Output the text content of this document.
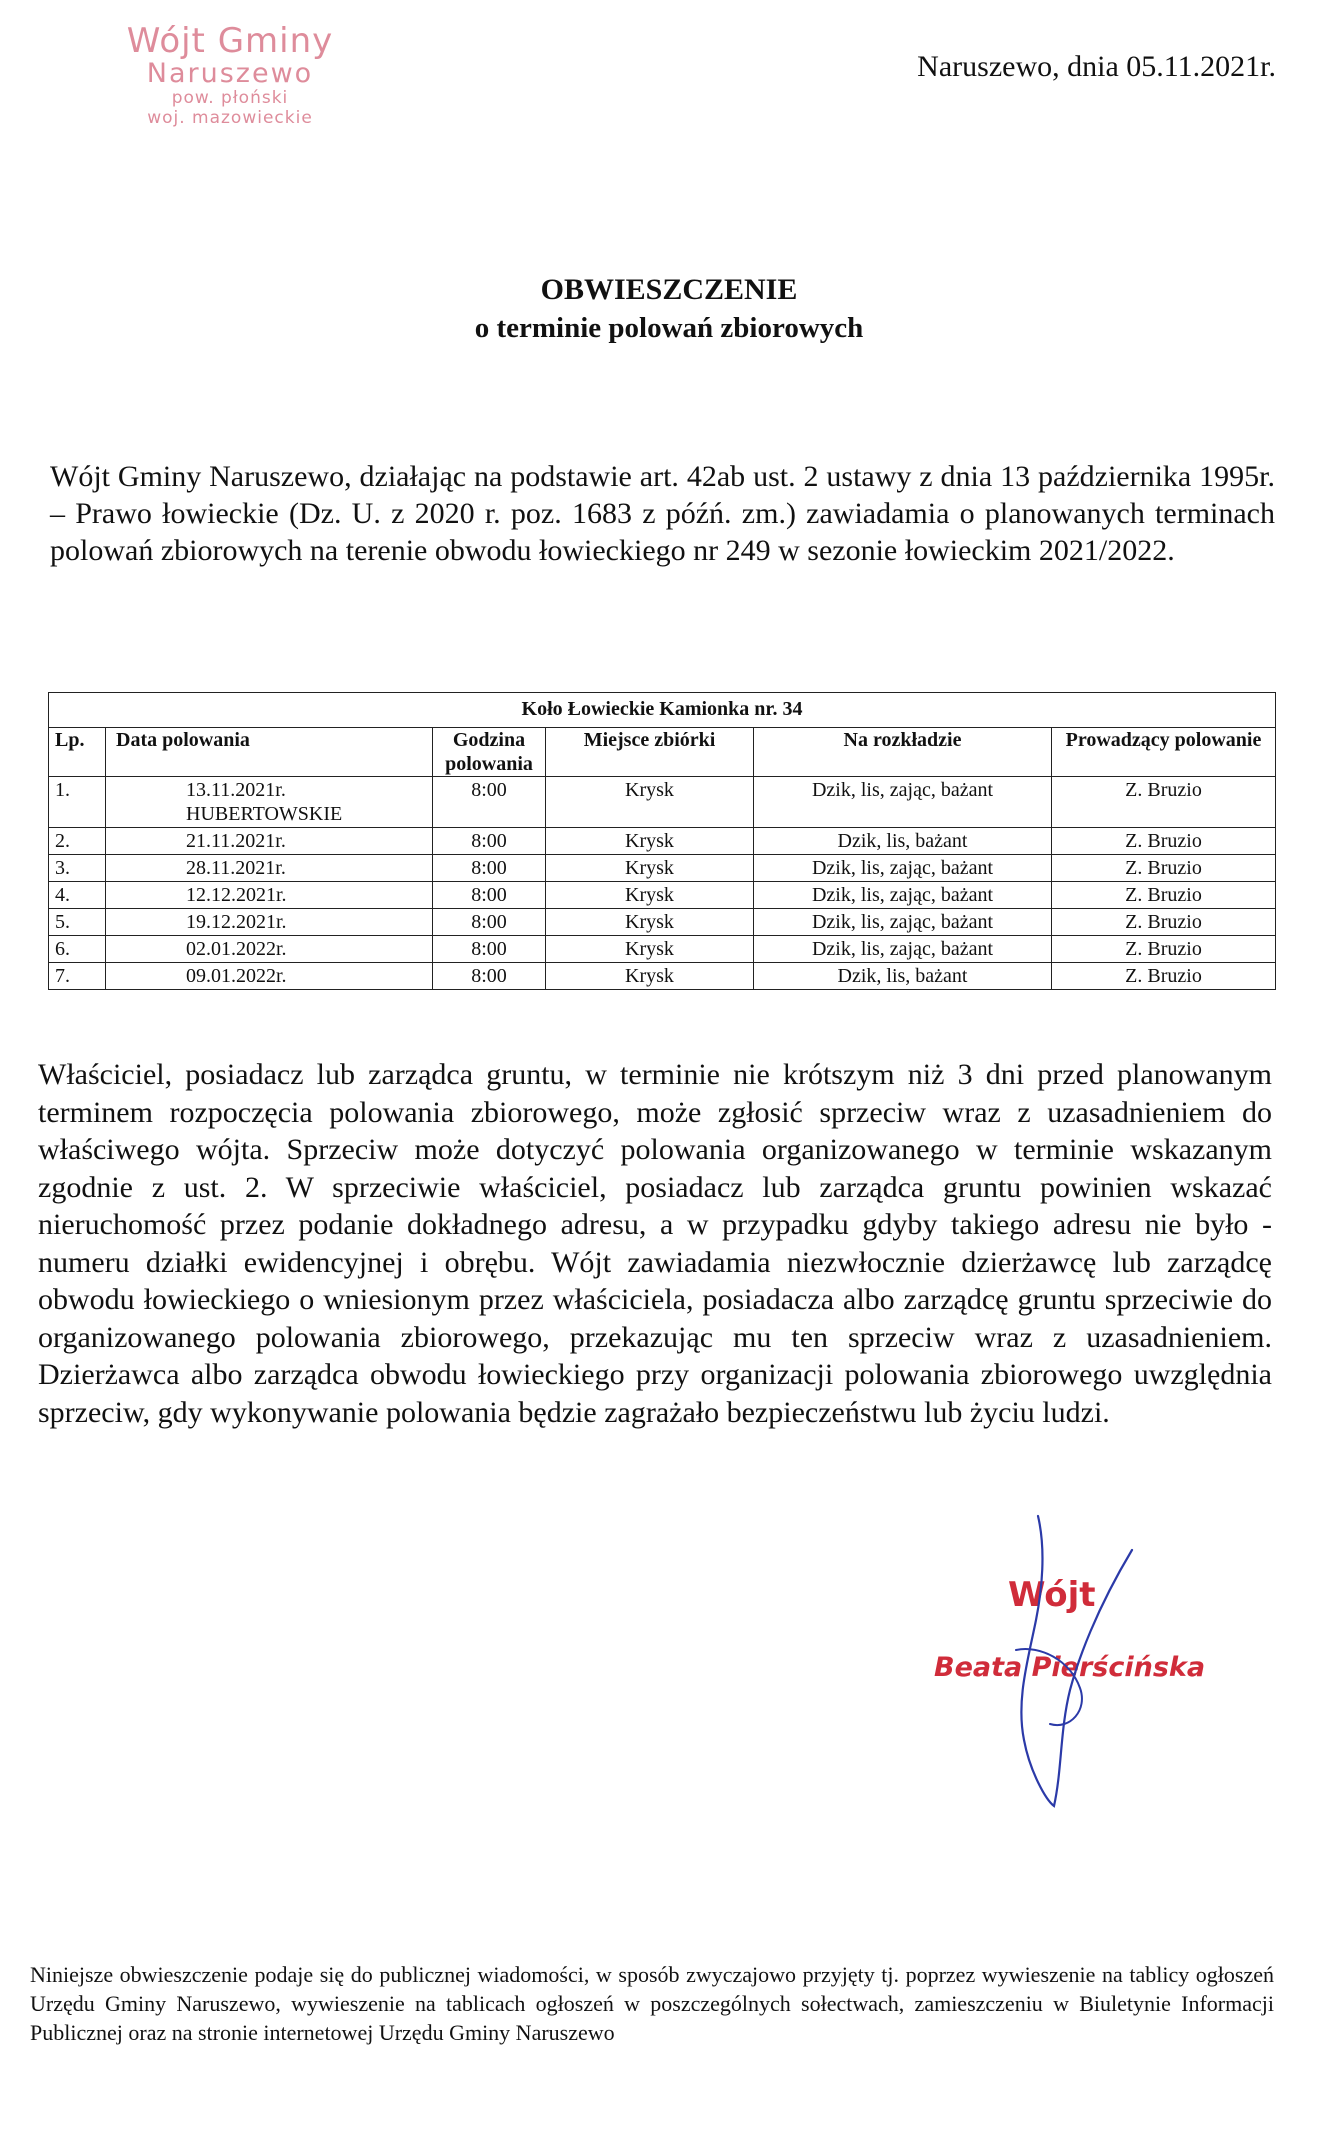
Wójt Gminy
Naruszewo
pow. płoński
woj. mazowieckie
Naruszewo, dnia 05.11.2021r.
OBWIESZCZENIE
o terminie polowań zbiorowych
Wójt Gminy Naruszewo, działając na podstawie art. 42ab ust. 2 ustawy z dnia 13 października 1995r. – Prawo łowieckie (Dz. U. z 2020 r. poz. 1683 z późń. zm.) zawiadamia o planowanych terminach polowań zbiorowych na terenie obwodu łowieckiego nr 249 w sezonie łowieckim 2021/2022.
Koło Łowieckie Kamionka nr. 34					
Lp.	Data polowania	Godzina polowania	Miejsce zbiórki	Na rozkładzie	Prowadzący polowanie
1.	13.11.2021r. HUBERTOWSKIE	8:00	Krysk	Dzik, lis, zając, bażant	Z. Bruzio
2.	21.11.2021r.	8:00	Krysk	Dzik, lis, bażant	Z. Bruzio
3.	28.11.2021r.	8:00	Krysk	Dzik, lis, zając, bażant	Z. Bruzio
4.	12.12.2021r.	8:00	Krysk	Dzik, lis, zając, bażant	Z. Bruzio
5.	19.12.2021r.	8:00	Krysk	Dzik, lis, zając, bażant	Z. Bruzio
6.	02.01.2022r.	8:00	Krysk	Dzik, lis, zając, bażant	Z. Bruzio
7.	09.01.2022r.	8:00	Krysk	Dzik, lis, bażant	Z. Bruzio
Właściciel, posiadacz lub zarządca gruntu, w terminie nie krótszym niż 3 dni przed planowanym terminem rozpoczęcia polowania zbiorowego, może zgłosić sprzeciw wraz z uzasadnieniem do właściwego wójta. Sprzeciw może dotyczyć polowania organizowanego w terminie wskazanym zgodnie z ust. 2. W sprzeciwie właściciel, posiadacz lub zarządca gruntu powinien wskazać nieruchomość przez podanie dokładnego adresu, a w przypadku gdyby takiego adresu nie było - numeru działki ewidencyjnej i obrębu. Wójt zawiadamia niezwłocznie dzierżawcę lub zarządcę obwodu łowieckiego o wniesionym przez właściciela, posiadacza albo zarządcę gruntu sprzeciwie do organizowanego polowania zbiorowego, przekazując mu ten sprzeciw wraz z uzasadnieniem. Dzierżawca albo zarządca obwodu łowieckiego przy organizacji polowania zbiorowego uwzględnia sprzeciw, gdy wykonywanie polowania będzie zagrażało bezpieczeństwu lub życiu ludzi.
Wójt
Beata Pierścińska
Niniejsze obwieszczenie podaje się do publicznej wiadomości, w sposób zwyczajowo przyjęty tj. poprzez wywieszenie na tablicy ogłoszeń Urzędu Gminy Naruszewo, wywieszenie na tablicach ogłoszeń w poszczególnych sołectwach, zamieszczeniu w Biuletynie Informacji Publicznej oraz na stronie internetowej Urzędu Gminy Naruszewo
